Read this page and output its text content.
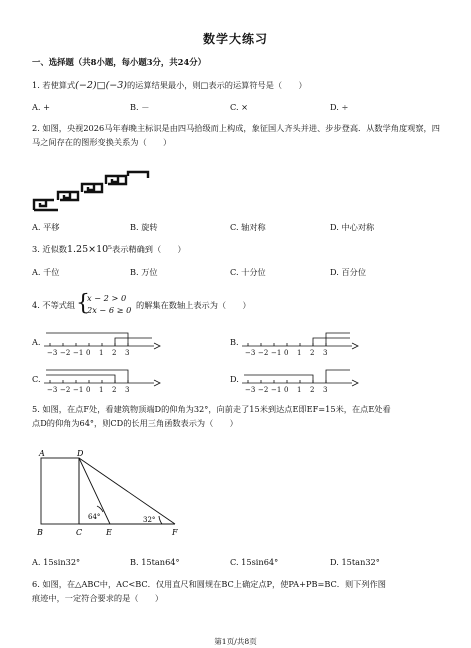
数学大练习
一、选择题（共8小题，每小题3分，共24分）
1. 若使算式(−2)□(−3)的运算结果最小，则□表示的运算符号是（　　）
A. +	B. －	C. ×	D. ÷
2. 如图，央视2026马年春晚主标识是由四马拾级而上构成，象征国人齐头并进、步步登高．从数学角度观察，四马之间存在的图形变换关系为（　　）
A. 平移	B. 旋转	C. 轴对称	D. 中心对称
3. 近似数1.25×10⁵表示精确到（　　）
A. 千位	B. 万位	C. 十分位	D. 百分位
4. 不等式组 {
x − 2 > 0
2x − 6 ≥ 0 的解集在数轴上表示为（　　）
A.
−3 −2 −1 0 1 2 3
B.
−3 −2 −1 0 1 2 3
C.
−3 −2 −1 0 1 2 3
D.
−3 −2 −1 0 1 2 3
5. 如图，在点F处，看建筑物顶端D的仰角为32°，向前走了15米到达点E即EF=15米，在点E处看
点D的仰角为64°，则CD的长用三角函数表示为（　　）
A	D
B	C	E	F
64°	32°
A. 15sin32°	B. 15tan64°	C. 15sin64°	D. 15tan32°
6. 如图，在△ABC中，AC<BC．仅用直尺和圆规在BC上确定点P，使PA+PB=BC．则下列作图
痕迹中，一定符合要求的是（　　）
第1页/共8页
